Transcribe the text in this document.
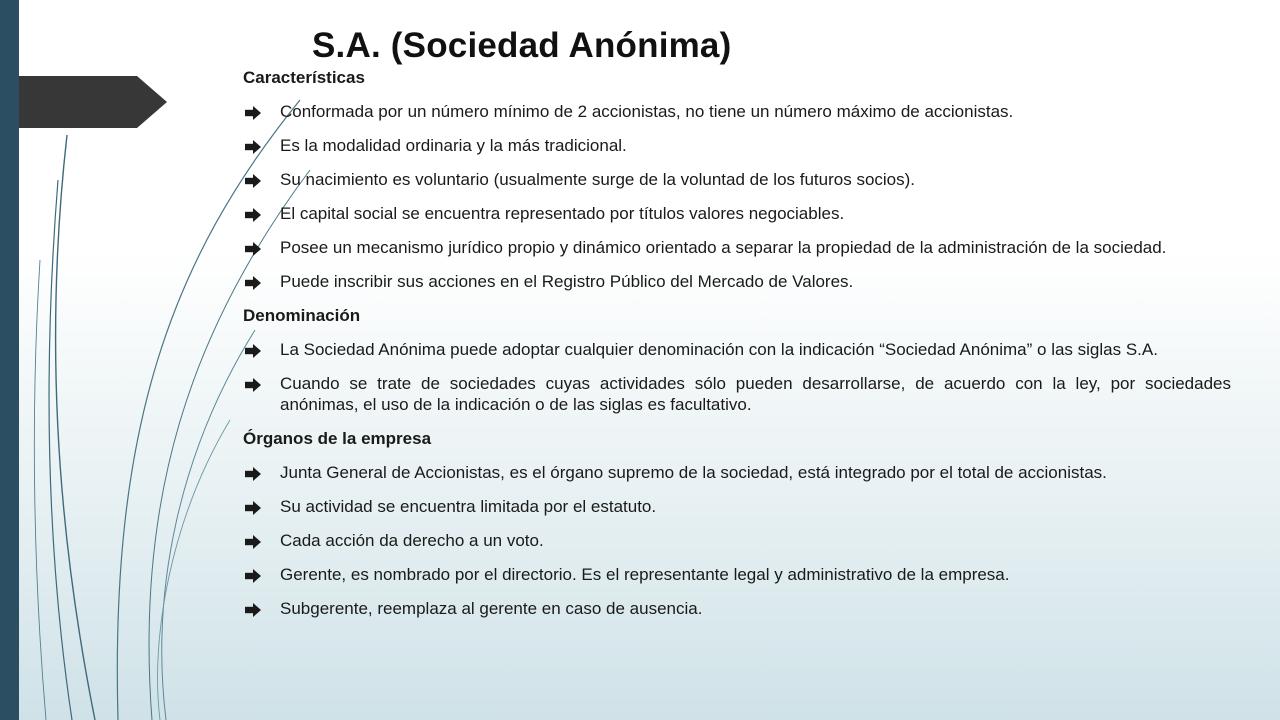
S.A. (Sociedad Anónima)
Características
Conformada por un número mínimo de 2 accionistas, no tiene un número máximo de accionistas.
Es la modalidad ordinaria y la más tradicional.
Su nacimiento es voluntario (usualmente surge de la voluntad de los futuros socios).
El capital social se encuentra representado por títulos valores negociables.
Posee un mecanismo jurídico propio y dinámico orientado a separar la propiedad de la administración de la sociedad.
Puede inscribir sus acciones en el Registro Público del Mercado de Valores.
Denominación
La Sociedad Anónima puede adoptar cualquier denominación con la indicación “Sociedad Anónima” o las siglas S.A.
Cuando se trate de sociedades cuyas actividades sólo pueden desarrollarse, de acuerdo con la ley, por sociedades anónimas, el uso de la indicación o de las siglas es facultativo.
Órganos de la empresa
Junta General de Accionistas, es el órgano supremo de la sociedad, está integrado por el total de accionistas.
Su actividad se encuentra limitada por el estatuto.
Cada acción da derecho a un voto.
Gerente, es nombrado por el directorio. Es el representante legal y administrativo de la empresa.
Subgerente, reemplaza al gerente en caso de ausencia.
